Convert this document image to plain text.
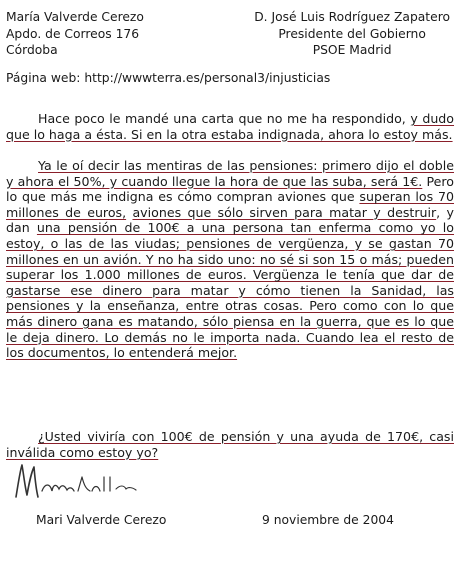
María Valverde Cerezo
Apdo. de Correos 176
Córdoba
D. José Luis Rodríguez Zapatero
Presidente del Gobierno
PSOE Madrid
Página web: http://wwwterra.es/personal3/injusticias

Hace poco le mandé una carta que no me ha respondido, y dudo que lo haga a ésta. Si en la otra estaba indignada, ahora lo estoy más.

Ya le oí decir las mentiras de las pensiones: primero dijo el doble y ahora el 50%, y cuando llegue la hora de que las suba, será 1€. Pero lo que más me indigna es cómo compran aviones que superan los 70 millones de euros, aviones que sólo sirven para matar y destruir, y dan una pensión de 100€ a una persona tan enferma como yo lo estoy, o las de las viudas; pensiones de vergüenza, y se gastan 70 millones en un avión. Y no ha sido uno: no sé si son 15 o más; pueden superar los 1.000 millones de euros. Vergüenza le tenía que dar de gastarse ese dinero para matar y cómo tienen la Sanidad, las pensiones y la enseñanza, entre otras cosas. Pero como con lo que más dinero gana es matando, sólo piensa en la guerra, que es lo que le deja dinero. Lo demás no le importa nada. Cuando lea el resto de los documentos, lo entenderá mejor.

¿Usted viviría con 100€ de pensión y una ayuda de 170€, casi inválida como estoy yo?

Mari Valverde Cerezo	9 noviembre de 2004
